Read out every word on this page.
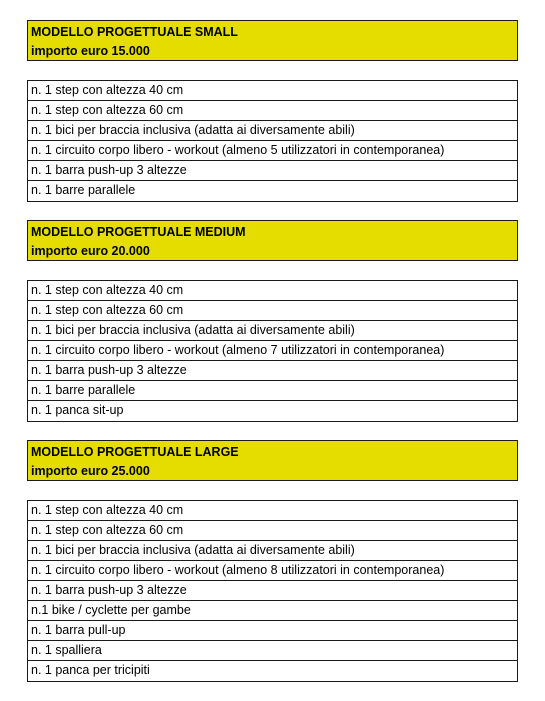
MODELLO PROGETTUALE SMALL
importo euro 15.000
n. 1 step con altezza 40 cm
n. 1 step con altezza 60 cm
n. 1 bici per braccia inclusiva (adatta ai diversamente abili)
n. 1 circuito corpo libero - workout (almeno 5 utilizzatori in contemporanea)
n. 1 barra push-up 3 altezze
n. 1 barre parallele
MODELLO PROGETTUALE MEDIUM
importo euro 20.000
n. 1 step con altezza 40 cm
n. 1 step con altezza 60 cm
n. 1 bici per braccia inclusiva (adatta ai diversamente abili)
n. 1 circuito corpo libero - workout (almeno 7 utilizzatori in contemporanea)
n. 1 barra push-up 3 altezze
n. 1 barre parallele
n. 1 panca sit-up
MODELLO PROGETTUALE LARGE
importo euro 25.000
n. 1 step con altezza 40 cm
n. 1 step con altezza 60 cm
n. 1 bici per braccia inclusiva (adatta ai diversamente abili)
n. 1 circuito corpo libero - workout (almeno 8 utilizzatori in contemporanea)
n. 1 barra push-up 3 altezze
n.1 bike / cyclette per gambe
n. 1 barra pull-up
n. 1 spalliera
n. 1 panca per tricipiti
